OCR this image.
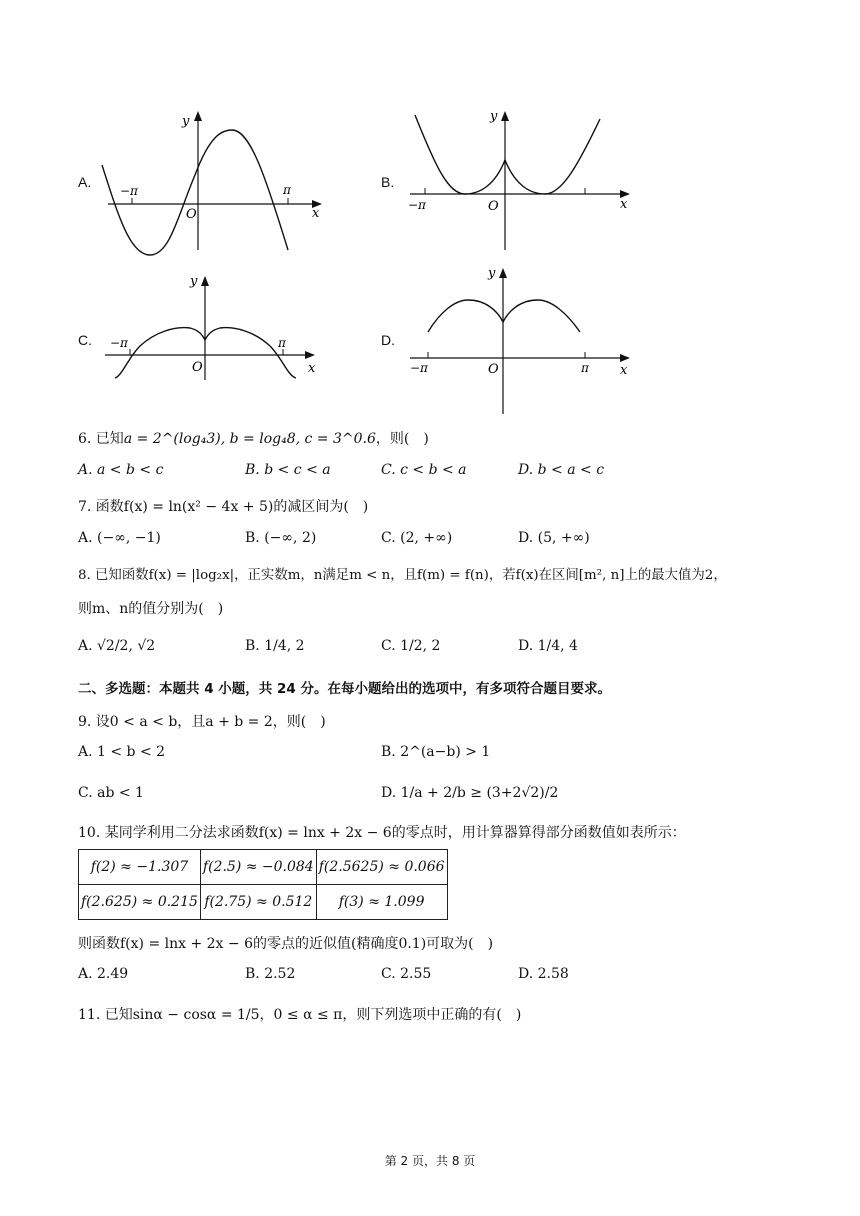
A.
y
x
O
−π	π	B.
y
x
O
−π
C.
y
x
O
−π	π	D.
y
x
O
−π	π
6. 已知a = 2^(log₄3), b = log₄8, c = 3^0.6，则(　)
A. a < b < c	B. b < c < a	C. c < b < a	D. b < a < c
7. 函数f(x) = ln(x² − 4x + 5)的减区间为(　)
A. (−∞, −1)	B. (−∞, 2)	C. (2, +∞)	D. (5, +∞)
8. 已知函数f(x) = |log₂x|，正实数m，n满足m < n，且f(m) = f(n)，若f(x)在区间[m², n]上的最大值为2，
则m、n的值分别为(　)
A. √2/2, √2	B. 1/4, 2	C. 1/2, 2	D. 1/4, 4
二、多选题：本题共 4 小题，共 24 分。在每小题给出的选项中，有多项符合题目要求。
9. 设0 < a < b，且a + b = 2，则(　)
A. 1 < b < 2	B. 2^(a−b) > 1
C. ab < 1	D. 1/a + 2/b ≥ (3+2√2)/2
10. 某同学利用二分法求函数f(x) = lnx + 2x − 6的零点时，用计算器算得部分函数值如表所示：
f(2) ≈ −1.307	f(2.5) ≈ −0.084	f(2.5625) ≈ 0.066
f(2.625) ≈ 0.215	f(2.75) ≈ 0.512	f(3) ≈ 1.099
则函数f(x) = lnx + 2x − 6的零点的近似值(精确度0.1)可取为(　)
A. 2.49	B. 2.52	C. 2.55	D. 2.58
11. 已知sinα − cosα = 1/5，0 ≤ α ≤ π，则下列选项中正确的有(　)
第 2 页，共 8 页
